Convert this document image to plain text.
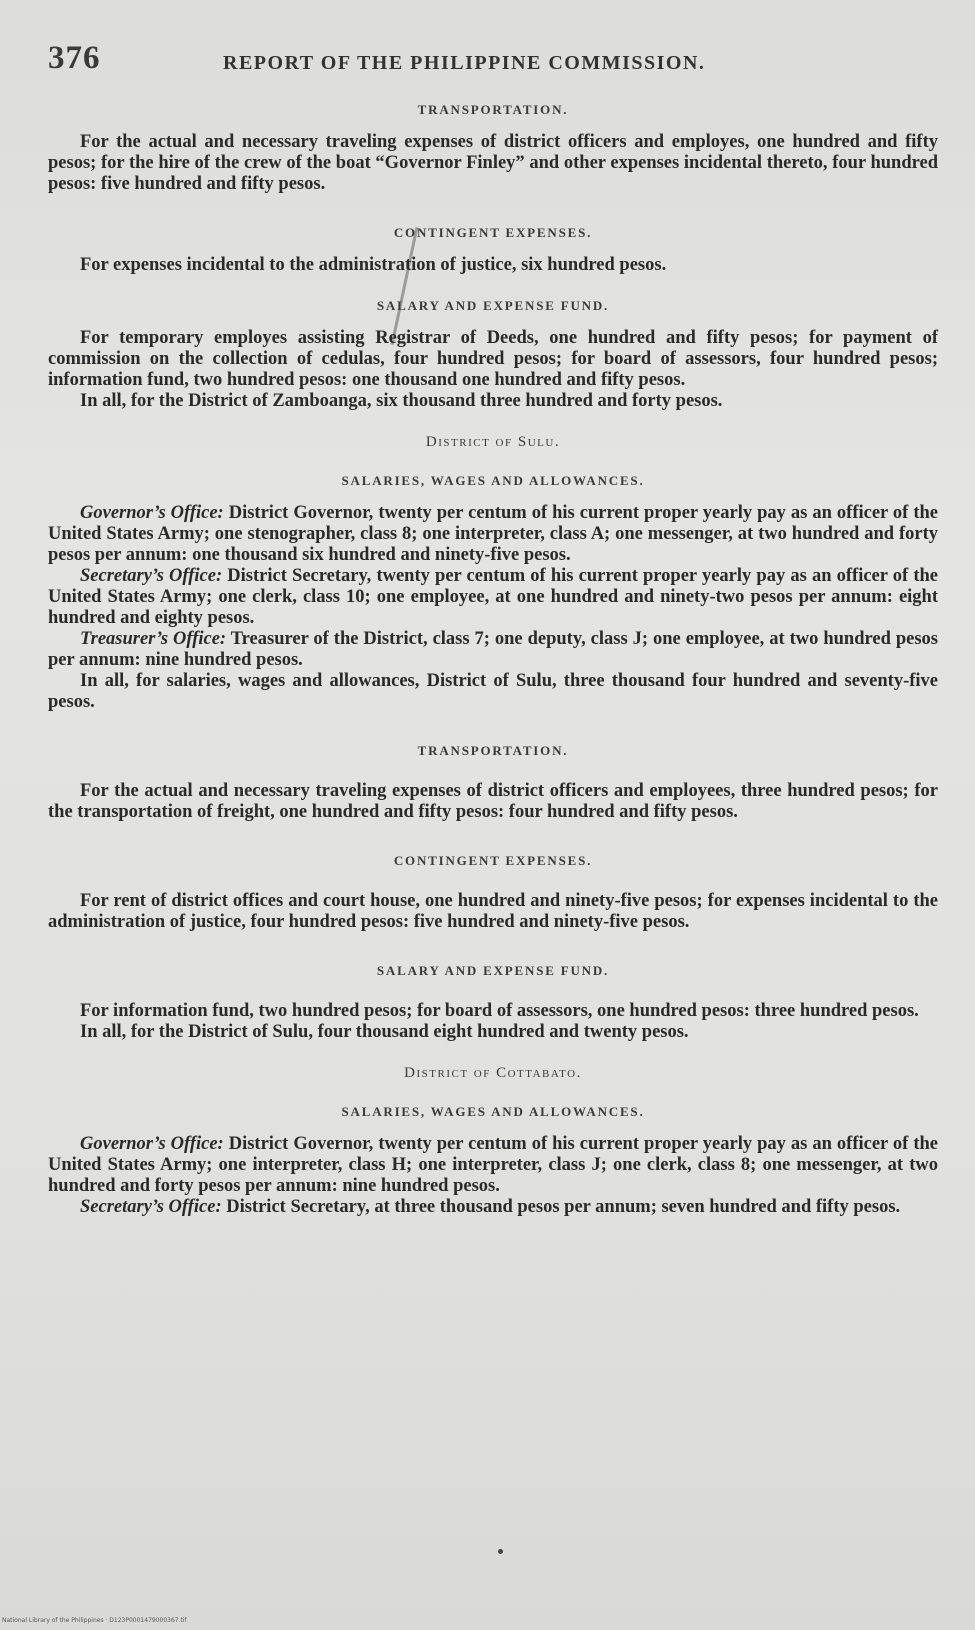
376	REPORT OF THE PHILIPPINE COMMISSION.
TRANSPORTATION.

For the actual and necessary traveling expenses of district officers and employes, one hundred and fifty pesos; for the hire of the crew of the boat “Governor Finley” and other expenses incidental thereto, four hundred pesos: five hundred and fifty pesos.

CONTINGENT EXPENSES.

For expenses incidental to the administration of justice, six hundred pesos.

SALARY AND EXPENSE FUND.

For temporary employes assisting Registrar of Deeds, one hundred and fifty pesos; for payment of commission on the collection of cedulas, four hundred pesos; for board of assessors, four hundred pesos; information fund, two hundred pesos: one thousand one hundred and fifty pesos.

In all, for the District of Zamboanga, six thousand three hundred and forty pesos.

District of Sulu.
SALARIES, WAGES AND ALLOWANCES.

Governor’s Office: District Governor, twenty per centum of his current proper yearly pay as an officer of the United States Army; one stenographer, class 8; one interpreter, class A; one messenger, at two hundred and forty pesos per annum: one thousand six hundred and ninety-five pesos.

Secretary’s Office: District Secretary, twenty per centum of his current proper yearly pay as an officer of the United States Army; one clerk, class 10; one employee, at one hundred and ninety-two pesos per annum: eight hundred and eighty pesos.

Treasurer’s Office: Treasurer of the District, class 7; one deputy, class J; one employee, at two hundred pesos per annum: nine hundred pesos.

In all, for salaries, wages and allowances, District of Sulu, three thousand four hundred and seventy-five pesos.

TRANSPORTATION.

For the actual and necessary traveling expenses of district officers and employees, three hundred pesos; for the transportation of freight, one hundred and fifty pesos: four hundred and fifty pesos.

CONTINGENT EXPENSES.

For rent of district offices and court house, one hundred and ninety-five pesos; for expenses incidental to the administration of justice, four hundred pesos: five hundred and ninety-five pesos.

SALARY AND EXPENSE FUND.

For information fund, two hundred pesos; for board of assessors, one hundred pesos: three hundred pesos.

In all, for the District of Sulu, four thousand eight hundred and twenty pesos.

District of Cottabato.
SALARIES, WAGES AND ALLOWANCES.

Governor’s Office: District Governor, twenty per centum of his current proper yearly pay as an officer of the United States Army; one interpreter, class H; one interpreter, class J; one clerk, class 8; one messenger, at two hundred and forty pesos per annum: nine hundred pesos.

Secretary’s Office: District Secretary, at three thousand pesos per annum; seven hundred and fifty pesos.

National Library of the Philippines · D123P0001479000367.tif
